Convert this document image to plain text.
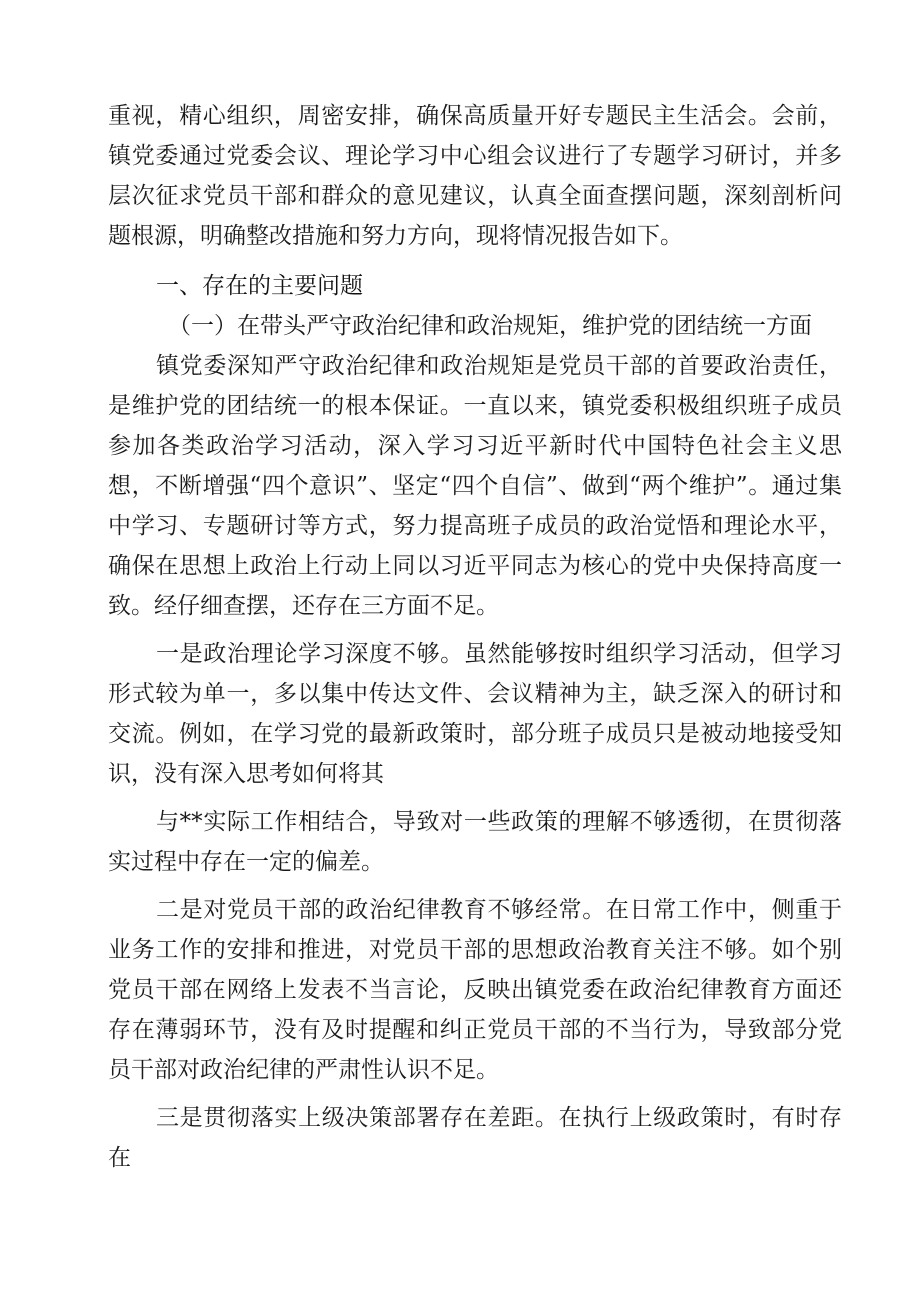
重视，精心组织，周密安排，确保高质量开好专题民主生活会。会前，镇党委通过党委会议、理论学习中心组会议进行了专题学习研讨，并多层次征求党员干部和群众的意见建议，认真全面查摆问题，深刻剖析问题根源，明确整改措施和努力方向，现将情况报告如下。

一、存在的主要问题

（一）在带头严守政治纪律和政治规矩，维护党的团结统一方面

镇党委深知严守政治纪律和政治规矩是党员干部的首要政治责任，是维护党的团结统一的根本保证。一直以来，镇党委积极组织班子成员参加各类政治学习活动，深入学习习近平新时代中国特色社会主义思想，不断增强“四个意识”、坚定“四个自信”、做到“两个维护”。通过集中学习、专题研讨等方式，努力提高班子成员的政治觉悟和理论水平，确保在思想上政治上行动上同以习近平同志为核心的党中央保持高度一致。经仔细查摆，还存在三方面不足。

一是政治理论学习深度不够。虽然能够按时组织学习活动，但学习形式较为单一，多以集中传达文件、会议精神为主，缺乏深入的研讨和交流。例如，在学习党的最新政策时，部分班子成员只是被动地接受知识，没有深入思考如何将其

与**实际工作相结合，导致对一些政策的理解不够透彻，在贯彻落实过程中存在一定的偏差。

二是对党员干部的政治纪律教育不够经常。在日常工作中，侧重于业务工作的安排和推进，对党员干部的思想政治教育关注不够。如个别党员干部在网络上发表不当言论，反映出镇党委在政治纪律教育方面还存在薄弱环节，没有及时提醒和纠正党员干部的不当行为，导致部分党员干部对政治纪律的严肃性认识不足。

三是贯彻落实上级决策部署存在差距。在执行上级政策时，有时存在
